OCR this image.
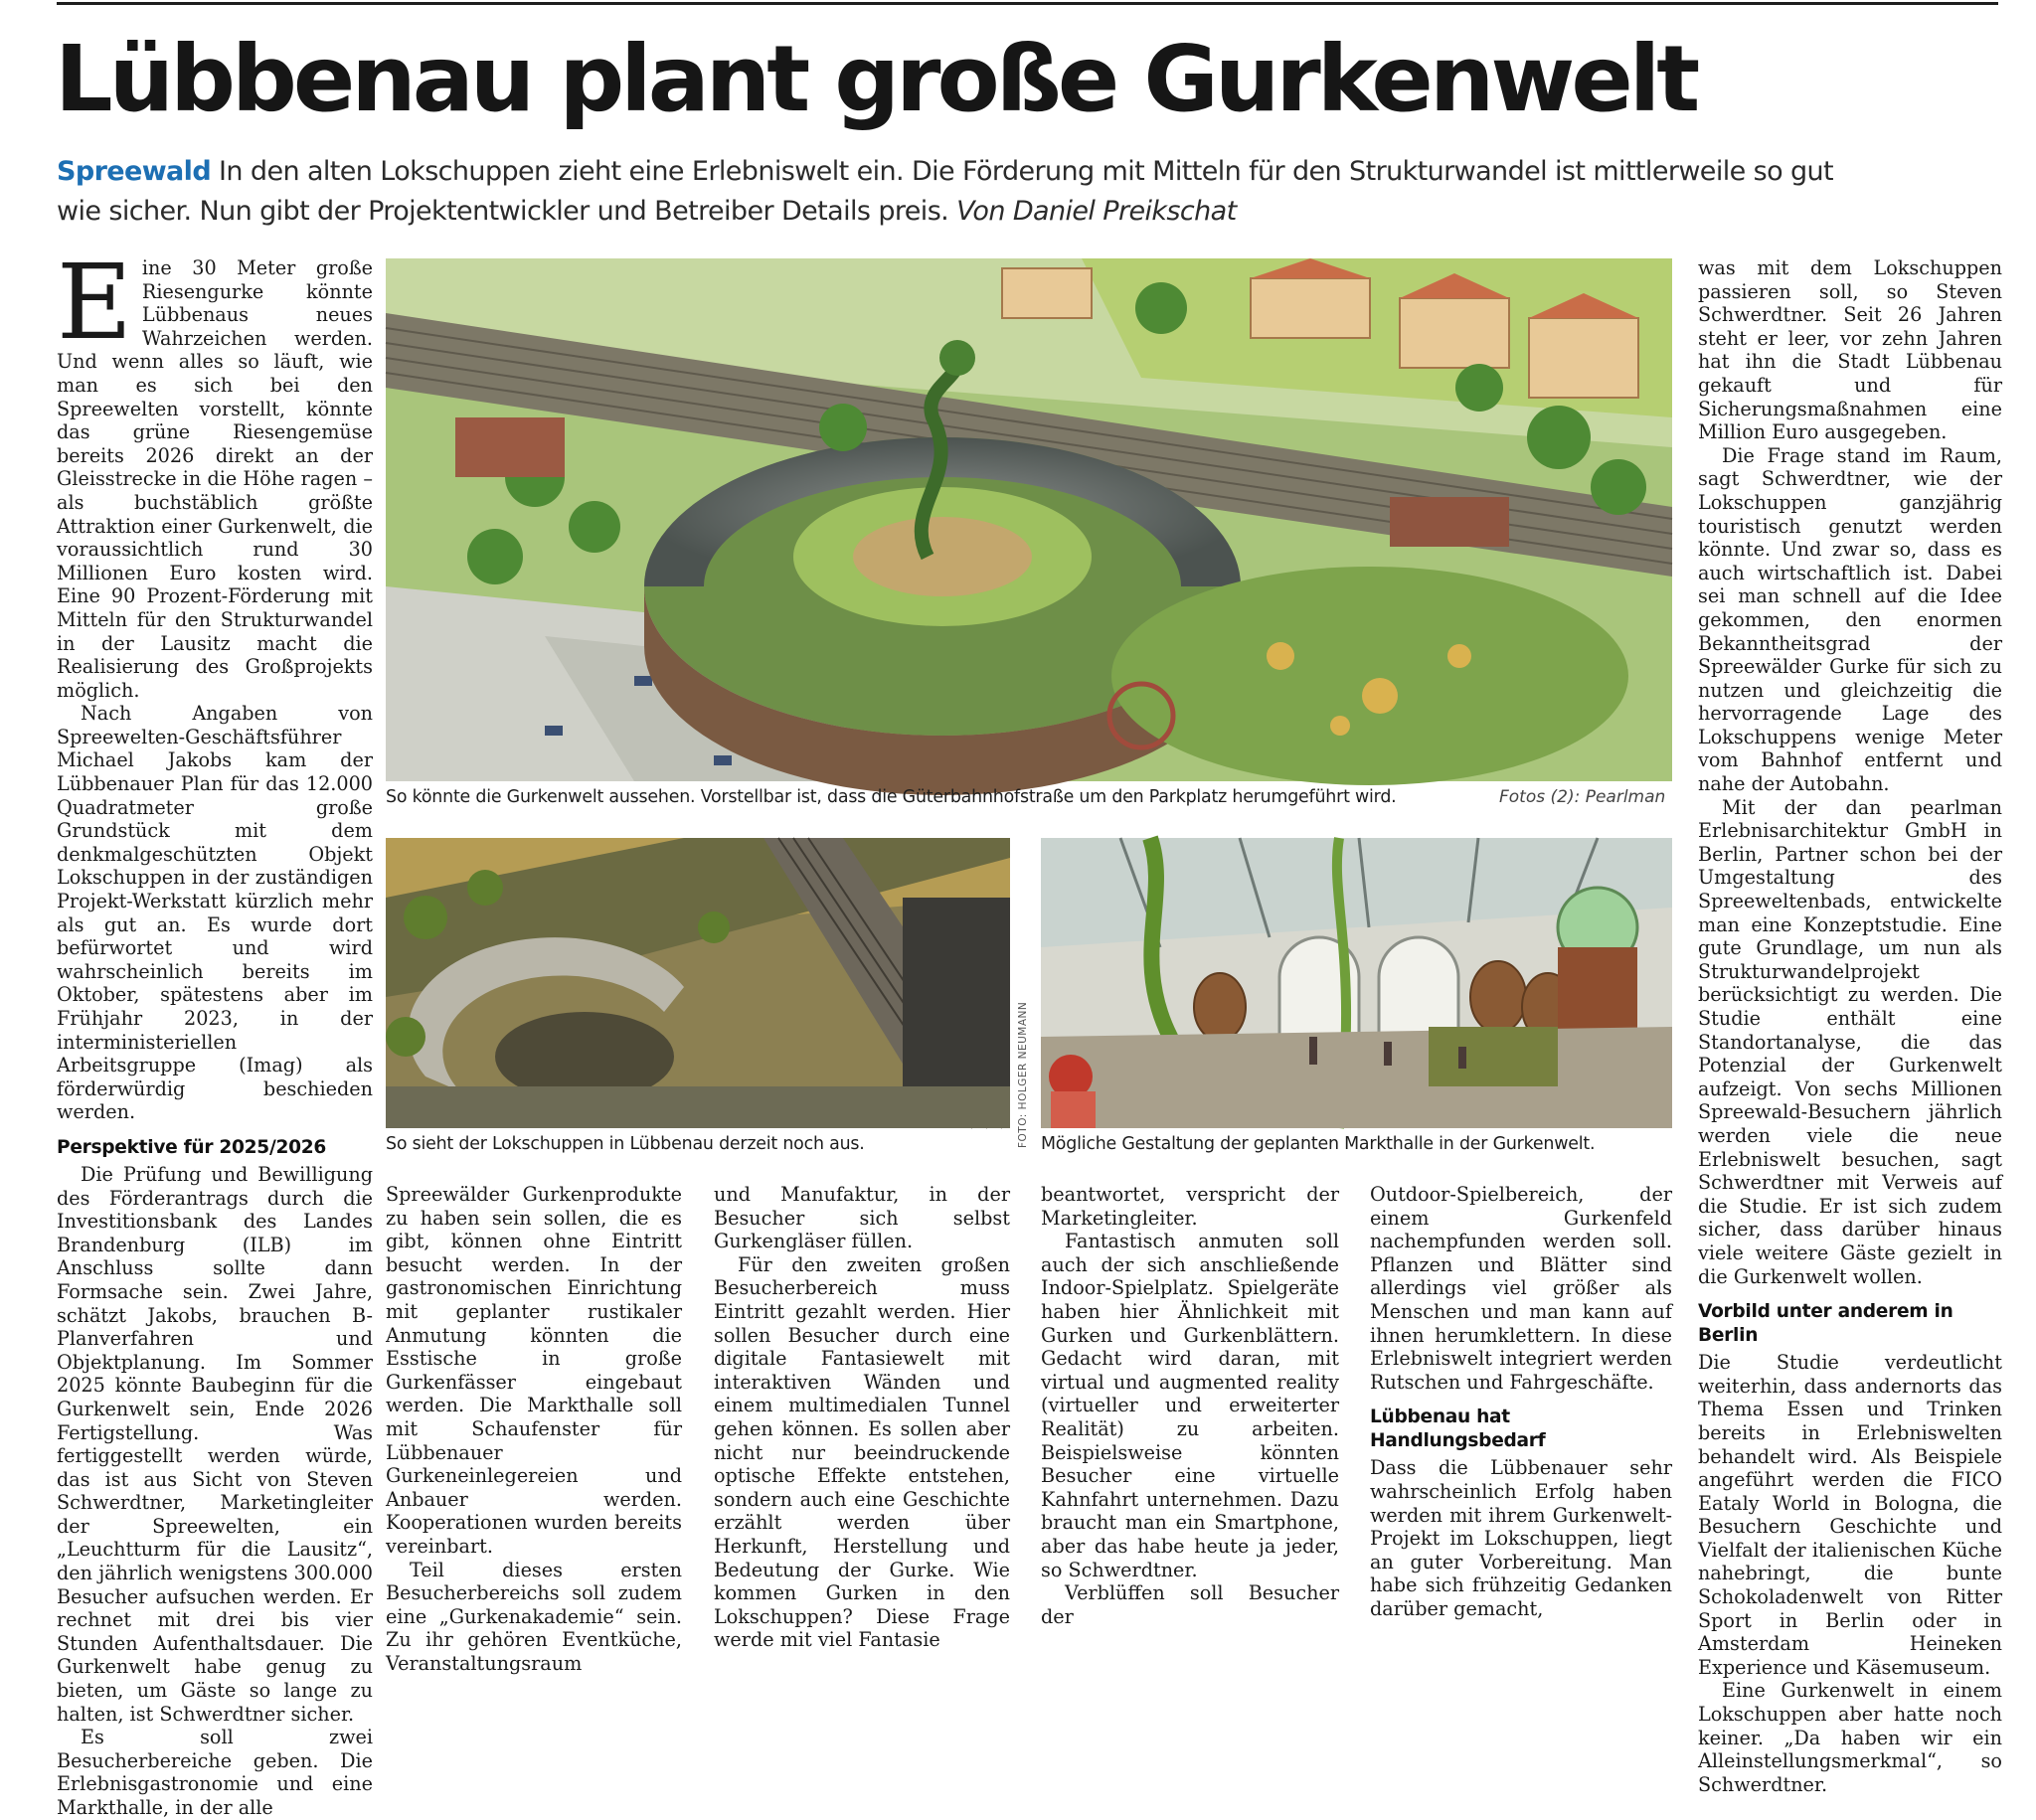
Lübbenau plant große Gurkenwelt
Spreewald In den alten Lokschuppen zieht eine Erlebniswelt ein. Die Förderung mit Mitteln für den Strukturwandel ist mittlerweile so gut
wie sicher. Nun gibt der Projektentwickler und Betreiber Details preis. Von Daniel Preikschat

Eine 30 Meter große Riesengurke könnte Lübbenaus neues Wahrzeichen werden. Und wenn alles so läuft, wie man es sich bei den Spreewelten vorstellt, könnte das grüne Riesengemüse bereits 2026 direkt an der Gleisstrecke in die Höhe ragen – als buchstäblich größte Attraktion einer Gurkenwelt, die voraussichtlich rund 30 Millionen Euro kosten wird. Eine 90 Prozent-Förderung mit Mitteln für den Strukturwandel in der Lausitz macht die Realisierung des Großprojekts möglich.

Nach Angaben von Spreewelten-Geschäftsführer Michael Jakobs kam der Lübbenauer Plan für das 12.000 Quadratmeter große Grundstück mit dem denkmalgeschützten Objekt Lokschuppen in der zuständigen Projekt-Werkstatt kürzlich mehr als gut an. Es wurde dort befürwortet und wird wahrscheinlich bereits im Oktober, spätestens aber im Frühjahr 2023, in der interministeriellen Arbeitsgruppe (Imag) als förderwürdig beschieden werden.

Perspektive für 2025/2026

Die Prüfung und Bewilligung des Förderantrags durch die Investitionsbank des Landes Brandenburg (ILB) im Anschluss sollte dann Formsache sein. Zwei Jahre, schätzt Jakobs, brauchen B-Planverfahren und Objektplanung. Im Sommer 2025 könnte Baubeginn für die Gurkenwelt sein, Ende 2026 Fertigstellung. Was fertiggestellt werden würde, das ist aus Sicht von Steven Schwerdtner, Marketingleiter der Spreewelten, ein „Leuchtturm für die Lausitz“, den jährlich wenigstens 300.000 Besucher aufsuchen werden. Er rechnet mit drei bis vier Stunden Aufenthaltsdauer. Die Gurkenwelt habe genug zu bieten, um Gäste so lange zu halten, ist Schwerdtner sicher.

Es soll zwei Besucherbereiche geben. Die Erlebnisgastronomie und eine Markthalle, in der alle

So könnte die Gurkenwelt aussehen. Vorstellbar ist, dass die Güterbahnhofstraße um den Parkplatz herumgeführt wird.	Fotos (2): Pearlman
So sieht der Lokschuppen in Lübbenau derzeit noch aus.	FOTO: HOLGER NEUMANN Mögliche Gestaltung der geplanten Markthalle in der Gurkenwelt.

Spreewälder Gurkenprodukte zu haben sein sollen, die es gibt, können ohne Eintritt besucht werden. In der gastronomischen Einrichtung mit geplanter rustikaler Anmutung könnten die Esstische in große Gurkenfässer eingebaut werden. Die Markthalle soll mit Schaufenster für Lübbenauer Gurkeneinlegereien und Anbauer werden. Kooperationen wurden bereits vereinbart.

Teil dieses ersten Besucherbereichs soll zudem eine „Gurkenakademie“ sein. Zu ihr gehören Eventküche, Veranstaltungsraum

und Manufaktur, in der Besucher sich selbst Gurkengläser füllen.

Für den zweiten großen Besucherbereich muss Eintritt gezahlt werden. Hier sollen Besucher durch eine digitale Fantasiewelt mit interaktiven Wänden und einem multimedialen Tunnel gehen können. Es sollen aber nicht nur beeindruckende optische Effekte entstehen, sondern auch eine Geschichte erzählt werden über Herkunft, Herstellung und Bedeutung der Gurke. Wie kommen Gurken in den Lokschuppen? Diese Frage werde mit viel Fantasie

beantwortet, verspricht der Marketingleiter.

Fantastisch anmuten soll auch der sich anschließende Indoor-Spielplatz. Spielgeräte haben hier Ähnlichkeit mit Gurken und Gurkenblättern. Gedacht wird daran, mit virtual und augmented reality (virtueller und erweiterter Realität) zu arbeiten. Beispielsweise könnten Besucher eine virtuelle Kahnfahrt unternehmen. Dazu braucht man ein Smartphone, aber das habe heute ja jeder, so Schwerdtner.

Verblüffen soll Besucher der

Outdoor-Spielbereich, der einem Gurkenfeld nachempfunden werden soll. Pflanzen und Blätter sind allerdings viel größer als Menschen und man kann auf ihnen herumklettern. In diese Erlebniswelt integriert werden Rutschen und Fahrgeschäfte.

Lübbenau hat Handlungsbedarf

Dass die Lübbenauer sehr wahrscheinlich Erfolg haben werden mit ihrem Gurkenwelt-Projekt im Lokschuppen, liegt an guter Vorbereitung. Man habe sich frühzeitig Gedanken darüber gemacht,

was mit dem Lokschuppen passieren soll, so Steven Schwerdtner. Seit 26 Jahren steht er leer, vor zehn Jahren hat ihn die Stadt Lübbenau gekauft und für Sicherungsmaßnahmen eine Million Euro ausgegeben.

Die Frage stand im Raum, sagt Schwerdtner, wie der Lokschuppen ganzjährig touristisch genutzt werden könnte. Und zwar so, dass es auch wirtschaftlich ist. Dabei sei man schnell auf die Idee gekommen, den enormen Bekanntheitsgrad der Spreewälder Gurke für sich zu nutzen und gleichzeitig die hervorragende Lage des Lokschuppens wenige Meter vom Bahnhof entfernt und nahe der Autobahn.

Mit der dan pearlman Erlebnisarchitektur GmbH in Berlin, Partner schon bei der Umgestaltung des Spreeweltenbads, entwickelte man eine Konzeptstudie. Eine gute Grundlage, um nun als Strukturwandelprojekt berücksichtigt zu werden. Die Studie enthält eine Standortanalyse, die das Potenzial der Gurkenwelt aufzeigt. Von sechs Millionen Spreewald-Besuchern jährlich werden viele die neue Erlebniswelt besuchen, sagt Schwerdtner mit Verweis auf die Studie. Er ist sich zudem sicher, dass darüber hinaus viele weitere Gäste gezielt in die Gurkenwelt wollen.

Vorbild unter anderem in Berlin

Die Studie verdeutlicht weiterhin, dass andernorts das Thema Essen und Trinken bereits in Erlebniswelten behandelt wird. Als Beispiele angeführt werden die FICO Eataly World in Bologna, die Besuchern Geschichte und Vielfalt der italienischen Küche nahebringt, die bunte Schokoladenwelt von Ritter Sport in Berlin oder in Amsterdam Heineken Experience und Käsemuseum.

Eine Gurkenwelt in einem Lokschuppen aber hatte noch keiner. „Da haben wir ein Alleinstellungsmerkmal“, so Schwerdtner.
